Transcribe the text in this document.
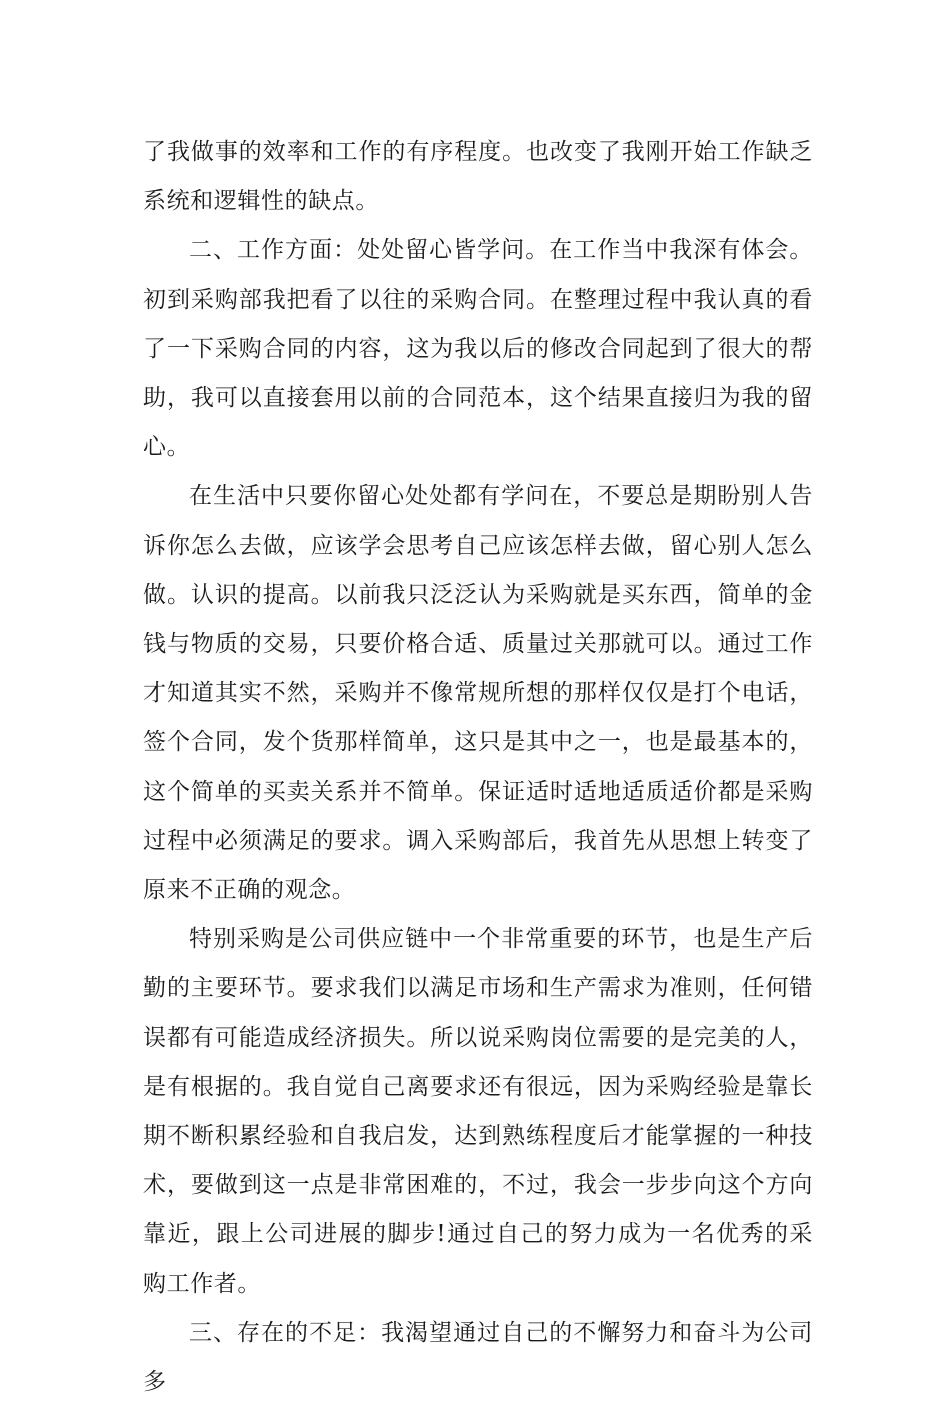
了我做事的效率和工作的有序程度。也改变了我刚开始工作缺乏系统和逻辑性的缺点。

二、工作方面：处处留心皆学问。在工作当中我深有体会。初到采购部我把看了以往的采购合同。在整理过程中我认真的看了一下采购合同的内容，这为我以后的修改合同起到了很大的帮助，我可以直接套用以前的合同范本，这个结果直接归为我的留心。

在生活中只要你留心处处都有学问在，不要总是期盼别人告诉你怎么去做，应该学会思考自己应该怎样去做，留心别人怎么做。认识的提高。以前我只泛泛认为采购就是买东西，简单的金钱与物质的交易，只要价格合适、质量过关那就可以。通过工作才知道其实不然，采购并不像常规所想的那样仅仅是打个电话，签个合同，发个货那样简单，这只是其中之一，也是最基本的，这个简单的买卖关系并不简单。保证适时适地适质适价都是采购过程中必须满足的要求。调入采购部后，我首先从思想上转变了原来不正确的观念。

特别采购是公司供应链中一个非常重要的环节，也是生产后勤的主要环节。要求我们以满足市场和生产需求为准则，任何错误都有可能造成经济损失。所以说采购岗位需要的是完美的人，是有根据的。我自觉自己离要求还有很远，因为采购经验是靠长期不断积累经验和自我启发，达到熟练程度后才能掌握的一种技术，要做到这一点是非常困难的，不过，我会一步步向这个方向靠近，跟上公司进展的脚步!通过自己的努力成为一名优秀的采购工作者。

三、存在的不足：我渴望通过自己的不懈努力和奋斗为公司多
